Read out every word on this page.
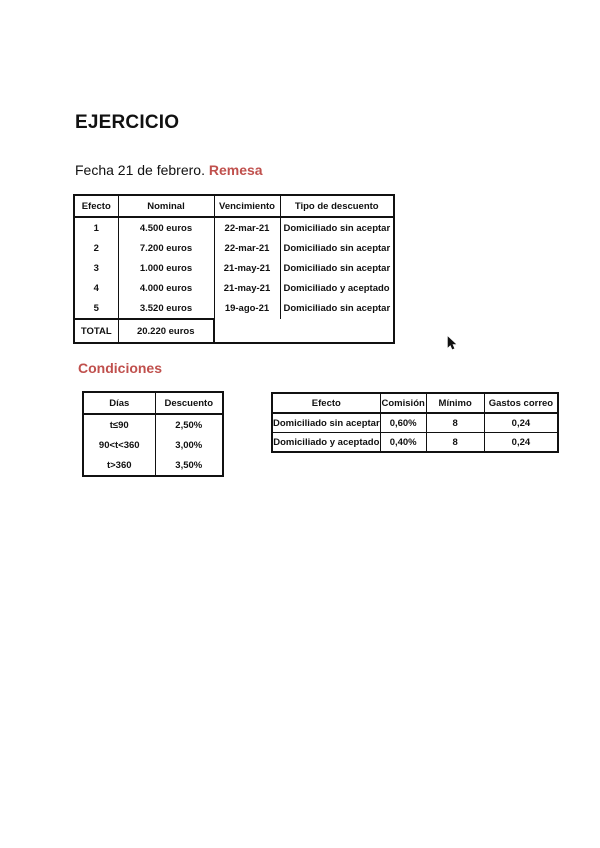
EJERCICIO
Fecha 21 de febrero. Remesa
Efecto	Nominal	Vencimiento	Tipo de descuento
1	4.500 euros	22-mar-21	Domiciliado sin aceptar
2	7.200 euros	22-mar-21	Domiciliado sin aceptar
3	1.000 euros	21-may-21	Domiciliado sin aceptar
4	4.000 euros	21-may-21	Domiciliado y aceptado
5	3.520 euros	19-ago-21	Domiciliado sin aceptar
TOTAL	20.220 euros		
Condiciones
Días	Descuento
t≤90	2,50%
90<t<360	3,00%
t>360	3,50%
Efecto	Comisión	Mínimo	Gastos correo
Domiciliado sin aceptar	0,60%	8	0,24
Domiciliado y aceptado	0,40%	8	0,24
